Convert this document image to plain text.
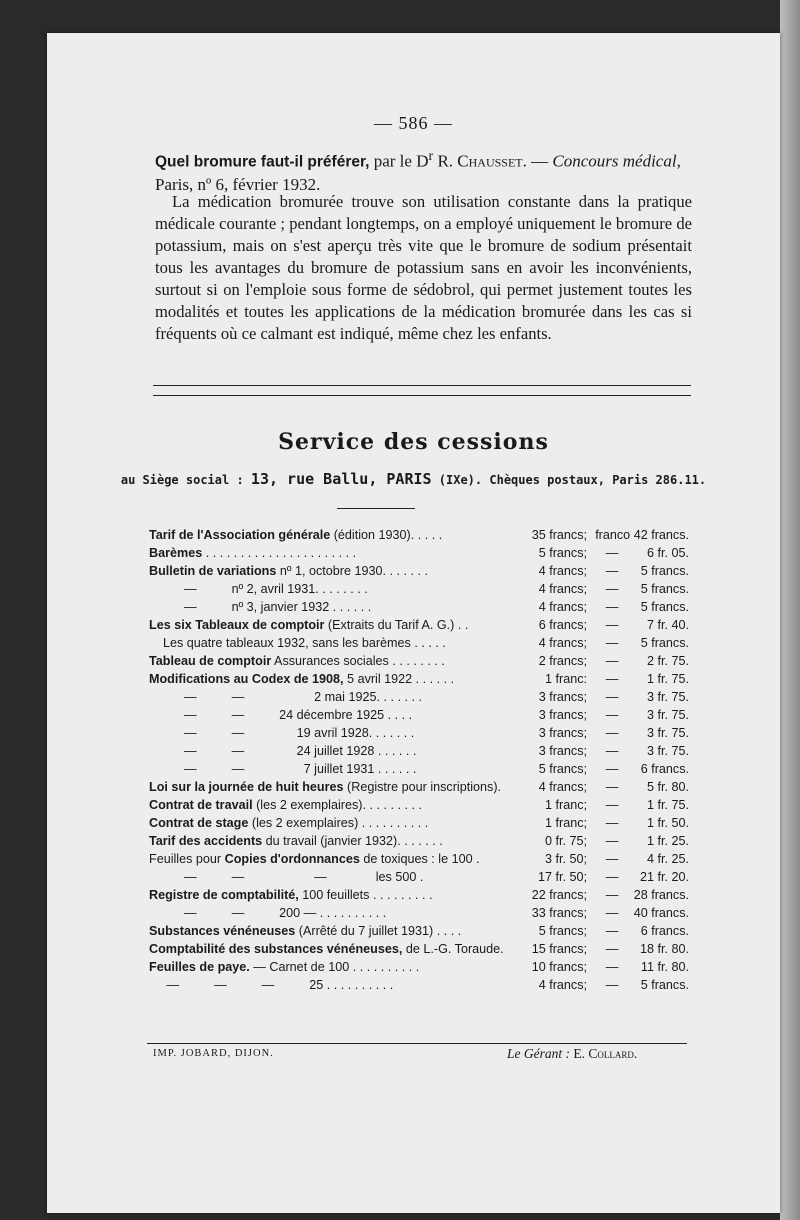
— 586 —
Quel bromure faut-il préférer, par le $D^r$ R. Chausset. — Concours médical, Paris, nº 6, février 1932.
La médication bromurée trouve son utilisation constante dans la pratique médicale courante ; pendant longtemps, on a employé uniquement le bromure de potassium, mais on s'est aperçu très vite que le bromure de sodium présentait tous les avantages du bromure de potassium sans en avoir les inconvénients, surtout si on l'emploie sous forme de sédobrol, qui permet justement toutes les modalités et toutes les applications de la médication bromurée dans les cas si fréquents où ce calmant est indiqué, même chez les enfants.
Service des cessions
au Siège social : 13, rue Ballu, PARIS (IXe). Chèques postaux, Paris 286.11.
Tarif de l'Association générale (édition 1930). . . . .	35 francs; franco 42 francs.
Barèmes . . . . . . . . . . . . . . . . . . . . . .	5 francs;	—	6 fr. 05.
Bulletin de variations nº 1, octobre 1930. . . . . . .	4 francs;	—	5 francs.
—          nº 2, avril 1931. . . . . . . .	4 francs;	—	5 francs.
—          nº 3, janvier 1932 . . . . . .	4 francs;	—	5 francs.
Les six Tableaux de comptoir (Extraits du Tarif A. G.) . .	6 francs;	—	7 fr. 40.
Les quatre tableaux 1932, sans les barèmes . . . . .	4 francs;	—	5 francs.
Tableau de comptoir Assurances sociales . . . . . . . .	2 francs;	—	2 fr. 75.
Modifications au Codex de 1908, 5 avril 1922 . . . . . .	1 franc:	—	1 fr. 75.
—          —                    2 mai 1925. . . . . . .	3 francs;	—	3 fr. 75.
—          —          24 décembre 1925 . . . .	3 francs;	—	3 fr. 75.
—          —               19 avril 1928. . . . . . .	3 francs;	—	3 fr. 75.
—          —               24 juillet 1928 . . . . . .	3 francs;	—	3 fr. 75.
—          —                 7 juillet 1931 . . . . . .	5 francs;	—	6 francs.
Loi sur la journée de huit heures (Registre pour inscriptions).	4 francs;	—	5 fr. 80.
Contrat de travail (les 2 exemplaires). . . . . . . . .	1 franc;	—	1 fr. 75.
Contrat de stage (les 2 exemplaires) . . . . . . . . . .	1 franc;	—	1 fr. 50.
Tarif des accidents du travail (janvier 1932). . . . . . .	0 fr. 75;	—	1 fr. 25.
Feuilles pour Copies d'ordonnances de toxiques : le 100 .	3 fr. 50;	—	4 fr. 25.
—          —                    —              les 500 .	17 fr. 50;	—	21 fr. 20.
Registre de comptabilité, 100 feuillets . . . . . . . . .	22 francs;	—	28 francs.
—          —          200 — . . . . . . . . . .	33 francs;	—	40 francs.
Substances vénéneuses (Arrêté du 7 juillet 1931) . . . .	5 francs;	—	6 francs.
Comptabilité des substances vénéneuses, de L.-G. Toraude.	15 francs;	—	18 fr. 80.
Feuilles de paye. — Carnet de 100 . . . . . . . . . .	10 francs;	—	11 fr. 80.
—          —          —          25 . . . . . . . . . .	4 francs;	—	5 francs.
IMP. JOBARD, DIJON.	Le Gérant : E. Collard.
